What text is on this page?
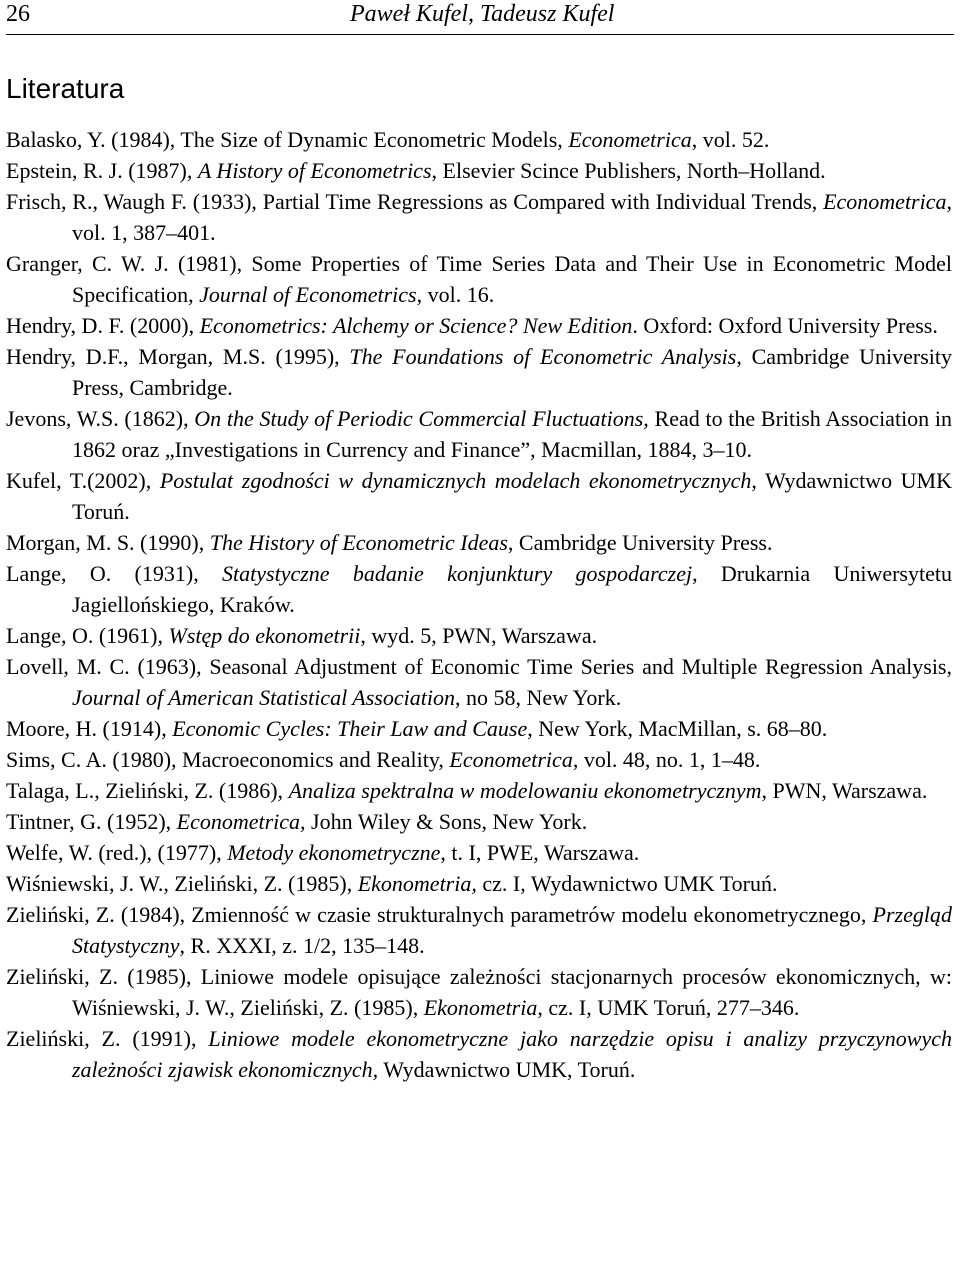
26	Paweł Kufel, Tadeusz Kufel
Literatura
Balasko, Y. (1984), The Size of Dynamic Econometric Models, Econometrica, vol. 52.
Epstein, R. J. (1987), A History of Econometrics, Elsevier Scince Publishers, North–Holland.
Frisch, R., Waugh F. (1933), Partial Time Regressions as Compared with Individual Trends, Econometrica, vol. 1, 387–401.
Granger, C. W. J. (1981), Some Properties of Time Series Data and Their Use in Econometric Model Specification, Journal of Econometrics, vol. 16.
Hendry, D. F. (2000), Econometrics: Alchemy or Science? New Edition. Oxford: Oxford University Press.
Hendry, D.F., Morgan, M.S. (1995), The Foundations of Econometric Analysis, Cambridge University Press, Cambridge.
Jevons, W.S. (1862), On the Study of Periodic Commercial Fluctuations, Read to the British Association in 1862 oraz „Investigations in Currency and Finance”, Macmillan, 1884, 3–10.
Kufel, T.(2002), Postulat zgodności w dynamicznych modelach ekonometrycznych, Wydawnictwo UMK Toruń.
Morgan, M. S. (1990), The History of Econometric Ideas, Cambridge University Press.
Lange, O. (1931), Statystyczne badanie konjunktury gospodarczej, Drukarnia Uniwersytetu Jagiellońskiego, Kraków.
Lange, O. (1961), Wstęp do ekonometrii, wyd. 5, PWN, Warszawa.
Lovell, M. C. (1963), Seasonal Adjustment of Economic Time Series and Multiple Regression Analysis, Journal of American Statistical Association, no 58, New York.
Moore, H. (1914), Economic Cycles: Their Law and Cause, New York, MacMillan, s. 68–80.
Sims, C. A. (1980), Macroeconomics and Reality, Econometrica, vol. 48, no. 1, 1–48.
Talaga, L., Zieliński, Z. (1986), Analiza spektralna w modelowaniu ekonometrycznym, PWN, Warszawa.
Tintner, G. (1952), Econometrica, John Wiley & Sons, New York.
Welfe, W. (red.), (1977), Metody ekonometryczne, t. I, PWE, Warszawa.
Wiśniewski, J. W., Zieliński, Z. (1985), Ekonometria, cz. I, Wydawnictwo UMK Toruń.
Zieliński, Z. (1984), Zmienność w czasie strukturalnych parametrów modelu ekonometrycznego, Przegląd Statystyczny, R. XXXI, z. 1/2, 135–148.
Zieliński, Z. (1985), Liniowe modele opisujące zależności stacjonarnych procesów ekonomicznych, w: Wiśniewski, J. W., Zieliński, Z. (1985), Ekonometria, cz. I, UMK Toruń, 277–346.
Zieliński, Z. (1991), Liniowe modele ekonometryczne jako narzędzie opisu i analizy przyczynowych zależności zjawisk ekonomicznych, Wydawnictwo UMK, Toruń.
